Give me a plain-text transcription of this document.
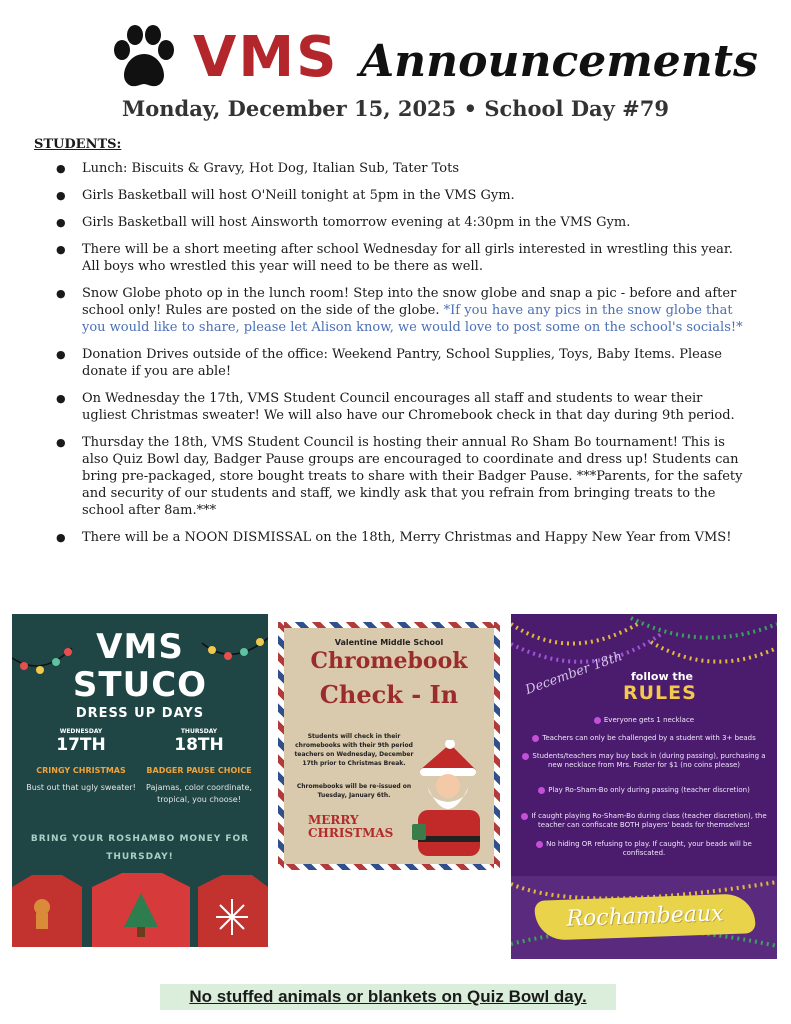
VMS Announcements
Monday, December 15, 2025 • School Day #79
STUDENTS:
● Lunch: Biscuits & Gravy, Hot Dog, Italian Sub, Tater Tots
● Girls Basketball will host O'Neill tonight at 5pm in the VMS Gym.
● Girls Basketball will host Ainsworth tomorrow evening at 4:30pm in the VMS Gym.
● There will be a short meeting after school Wednesday for all girls interested in wrestling this year. All boys who wrestled this year will need to be there as well.
● Snow Globe photo op in the lunch room! Step into the snow globe and snap a pic - before and after school only! Rules are posted on the side of the globe. *If you have any pics in the snow globe that you would like to share, please let Alison know, we would love to post some on the school's socials!*
● Donation Drives outside of the office: Weekend Pantry, School Supplies, Toys, Baby Items. Please donate if you are able!
● On Wednesday the 17th, VMS Student Council encourages all staff and students to wear their ugliest Christmas sweater! We will also have our Chromebook check in that day during 9th period.
● Thursday the 18th, VMS Student Council is hosting their annual Ro Sham Bo tournament! This is also Quiz Bowl day, Badger Pause groups are encouraged to coordinate and dress up! Students can bring pre-packaged, store bought treats to share with their Badger Pause. ***Parents, for the safety and security of our students and staff, we kindly ask that you refrain from bringing treats to the school after 8am.***
● There will be a NOON DISMISSAL on the 18th, Merry Christmas and Happy New Year from VMS!
VMS
STUCO
DRESS UP DAYS
WEDNESDAY
17TH
CRINGY CHRISTMAS
Bust out that ugly sweater!
THURSDAY
18TH
BADGER PAUSE CHOICE
Pajamas, color coordinate, tropical, you choose!
BRING YOUR ROSHAMBO MONEY FOR THURSDAY!
Valentine Middle School
Chromebook
Check - In
Students will check in their chromebooks with their 9th period teachers on Wednesday, December 17th prior to Christmas Break.
Chromebooks will be re-issued on Tuesday, January 6th.
MERRY
CHRISTMAS
December 18th follow the
RULES
Everyone gets 1 necklace
Teachers can only be challenged by a student with 3+ beads
Students/teachers may buy back in (during passing), purchasing a new necklace from Mrs. Foster for $1 (no coins please)
Play Ro-Sham-Bo only during passing (teacher discretion)
If caught playing Ro-Sham-Bo during class (teacher discretion), the teacher can confiscate BOTH players' beads for themselves!
No hiding OR refusing to play. If caught, your beads will be confiscated.
Rochambeaux
No stuffed animals or blankets on Quiz Bowl day.
